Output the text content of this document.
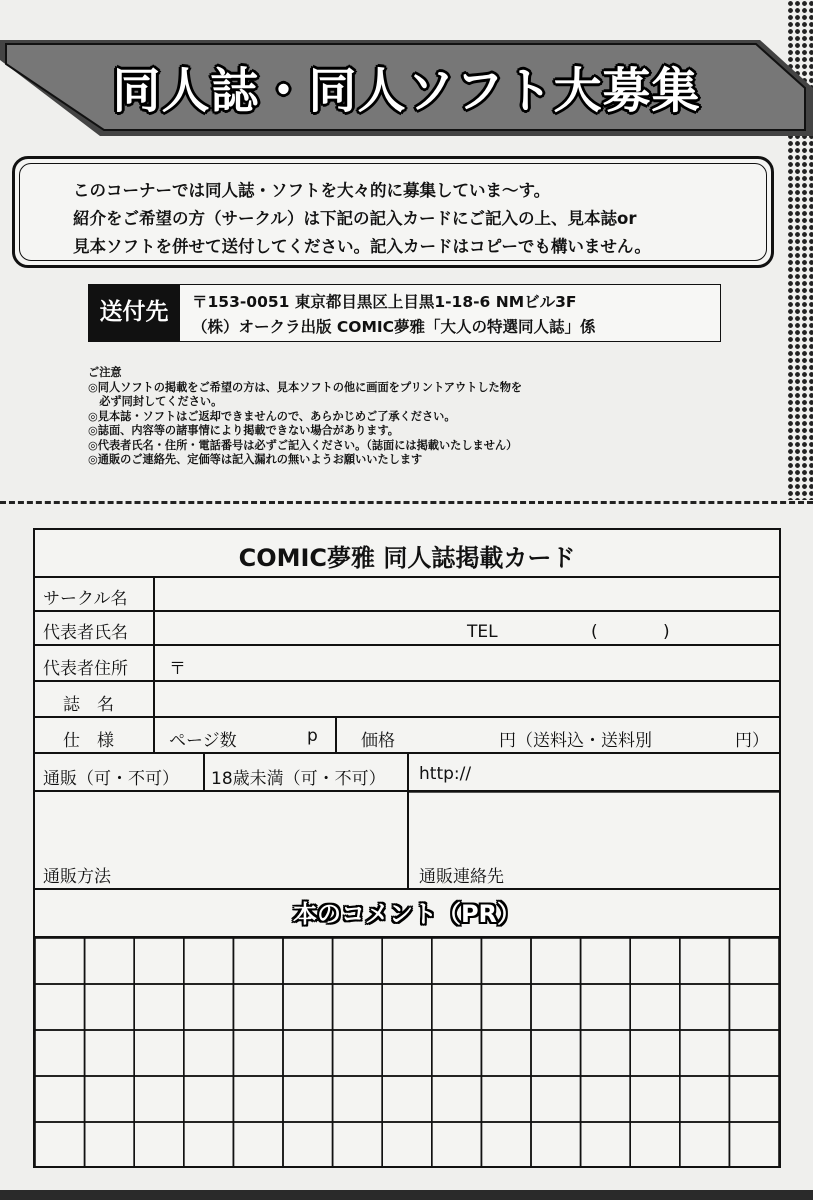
同人誌・同人ソフト大募集

このコーナーでは同人誌・ソフトを大々的に募集していま～す。

紹介をご希望の方（サークル）は下記の記入カードにご記入の上、見本誌or

見本ソフトを併せて送付してください。記入カードはコピーでも構いません。

送付先	〒153-0051 東京都目黒区上目黒1-18-6 NMビル3F
（株）オークラ出版 COMIC夢雅「大人の特選同人誌」係
ご注意
◎同人ソフトの掲載をご希望の方は、見本ソフトの他に画面をプリントアウトした物を
　必ず同封してください。
◎見本誌・ソフトはご返却できませんので、あらかじめご了承ください。
◎誌面、内容等の諸事情により掲載できない場合があります。
◎代表者氏名・住所・電話番号は必ずご記入ください。（誌面には掲載いたしません）
◎通販のご連絡先、定価等は記入漏れの無いようお願いいたします
COMIC夢雅 同人誌掲載カード
サークル名
代表者氏名	TEL	(	)
代表者住所 〒
誌　名
仕　様	ページ数	p	価格	円（送料込・送料別	円）
通販（可・不可） 18歳未満（可・不可） http://
通販方法	通販連絡先
本のコメント（PR）
